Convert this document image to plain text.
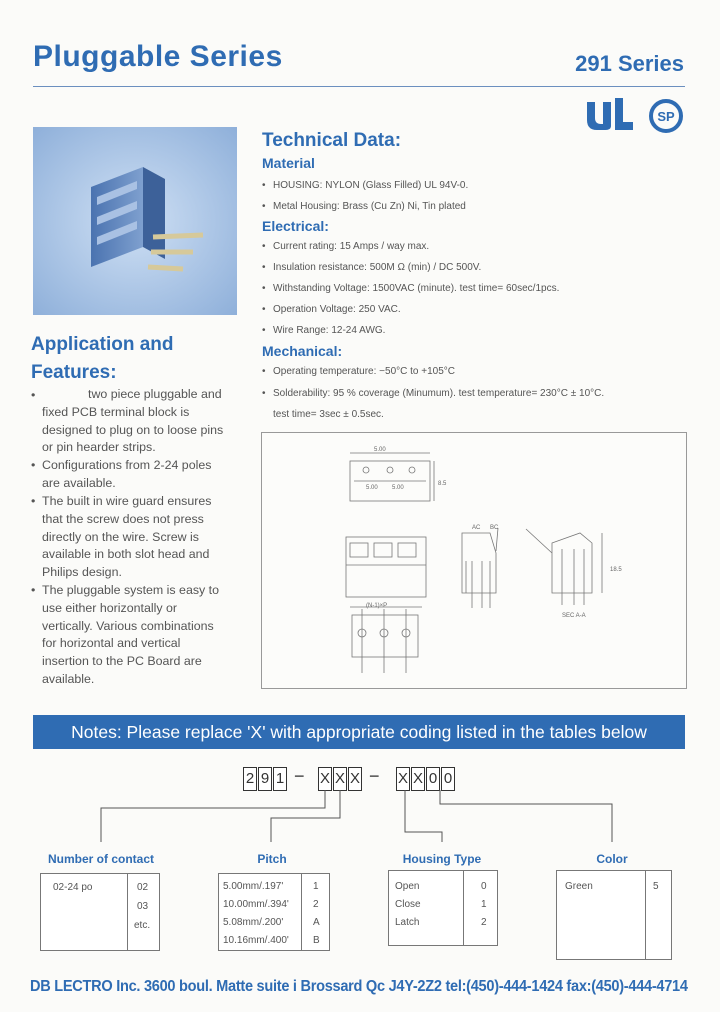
Pluggable Series	291 Series
UL
SP
Technical Data:
Material
• HOUSING: NYLON (Glass Filled) UL 94V-0.
• Metal Housing: Brass (Cu Zn) Ni, Tin plated
Electrical:
• Current rating: 15 Amps / way max.
• Insulation resistance: 500M Ω (min) / DC 500V.
• Withstanding Voltage: 1500VAC (minute). test time= 60sec/1pcs.
• Operation Voltage: 250 VAC.
• Wire Range: 12-24 AWG.
Mechanical:
• Operating temperature: −50°C to +105°C
• Solderability: 95 % coverage (Minumum). test temperature= 230°C ± 10°C.
test time= 3sec ± 0.5sec.
Application and
Features:
•	two piece pluggable and fixed PCB terminal block is designed to plug on to loose pins or pin hearder strips.
• Configurations from 2-24 poles are available.
• The built in wire guard ensures that the screw does not press directly on the wire. Screw is available in both slot head and Philips design.
• The pluggable system is easy to use either horizontally or vertically. Various combinations for horizontal and vertical insertion to the PC Board are available.
5.00
5.00 5.00
(N-1)×P
AC BC
18.5
8.5
SEC A-A
Notes: Please replace 'X' with appropriate coding listed in the tables below
2 9 1 − X X X − X X 0 0
Number of contact	Pitch	Housing Type	Color
02-24 po	02
03
etc.
5.00mm/.197'	1
10.00mm/.394' 2
5.08mm/.200'	A
10.16mm/.400' B
Open	0
Close	1
Latch	2
Green	5
DB LECTRO Inc. 3600 boul. Matte suite i Brossard Qc J4Y-2Z2 tel:(450)-444-1424 fax:(450)-444-4714
